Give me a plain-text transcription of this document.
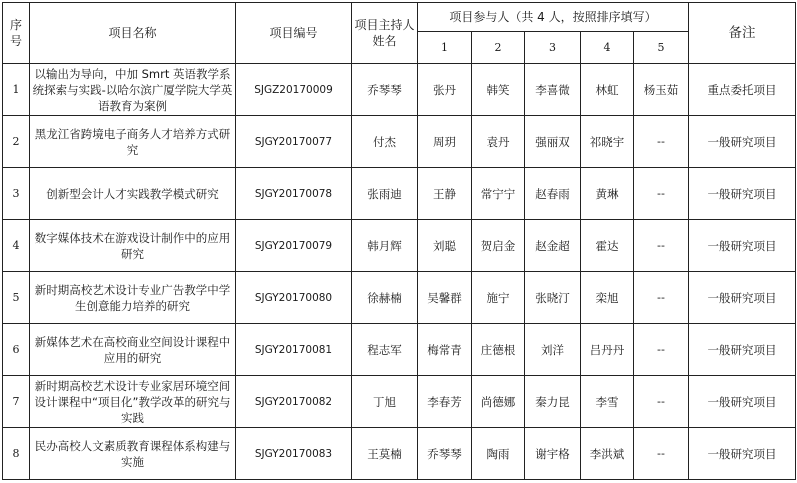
序号	项目名称	项目编号	项目主持人姓名	项目参与人（共 4 人，按照排序填写）					备注
				1	2	3	4	5	
1	以输出为导向，中加 Smrt 英语教学系统探索与实践-以哈尔滨广厦学院大学英语教育为案例	SJGZ20170009	乔琴琴	张丹	韩笑	李喜微	林虹	杨玉茹	重点委托项目
2	黑龙江省跨境电子商务人才培养方式研究	SJGY20170077	付杰	周玥	袁丹	强丽双	祁晓宇	--	一般研究项目
3	创新型会计人才实践教学模式研究	SJGY20170078	张雨迪	王静	常宁宁	赵春雨	黄琳	--	一般研究项目
4	数字媒体技术在游戏设计制作中的应用研究	SJGY20170079	韩月辉	刘聪	贺启金	赵金超	霍达	--	一般研究项目
5	新时期高校艺术设计专业广告教学中学生创意能力培养的研究	SJGY20170080	徐赫楠	吴馨群	施宁	张晓汀	栾旭	--	一般研究项目
6	新媒体艺术在高校商业空间设计课程中应用的研究	SJGY20170081	程志军	梅常青	庄德根	刘洋	吕丹丹	--	一般研究项目
7	新时期高校艺术设计专业家居环境空间设计课程中“项目化”教学改革的研究与实践	SJGY20170082	丁旭	李春芳	尚德娜	秦力昆	李雪	--	一般研究项目
8	民办高校人文素质教育课程体系构建与实施	SJGY20170083	王莫楠	乔琴琴	陶雨	谢宇格	李洪斌	--	一般研究项目
